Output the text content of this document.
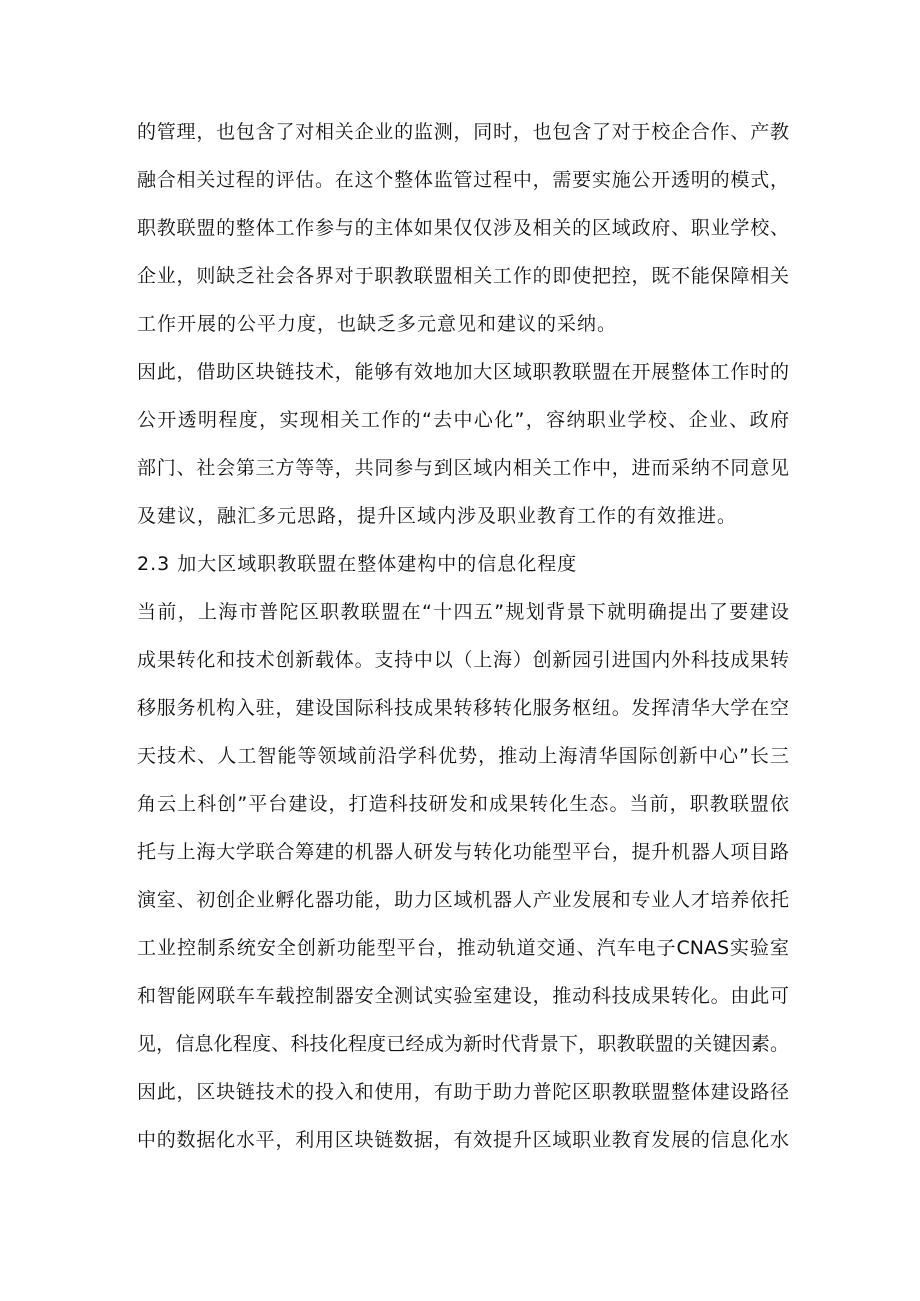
的管理，也包含了对相关企业的监测，同时，也包含了对于校企合作、产教
融合相关过程的评估。在这个整体监管过程中，需要实施公开透明的模式，
职教联盟的整体工作参与的主体如果仅仅涉及相关的区域政府、职业学校、
企业，则缺乏社会各界对于职教联盟相关工作的即使把控，既不能保障相关
工作开展的公平力度，也缺乏多元意见和建议的采纳。
因此，借助区块链技术，能够有效地加大区域职教联盟在开展整体工作时的
公开透明程度，实现相关工作的“去中心化”，容纳职业学校、企业、政府
部门、社会第三方等等，共同参与到区域内相关工作中，进而采纳不同意见
及建议，融汇多元思路，提升区域内涉及职业教育工作的有效推进。
2.3 加大区域职教联盟在整体建构中的信息化程度
当前，上海市普陀区职教联盟在“十四五”规划背景下就明确提出了要建设
成果转化和技术创新载体。支持中以（上海）创新园引进国内外科技成果转
移服务机构入驻，建设国际科技成果转移转化服务枢纽。发挥清华大学在空
天技术、人工智能等领域前沿学科优势，推动上海清华国际创新中心”长三
角云上科创”平台建设，打造科技研发和成果转化生态。当前，职教联盟依
托与上海大学联合筹建的机器人研发与转化功能型平台，提升机器人项目路
演室、初创企业孵化器功能，助力区域机器人产业发展和专业人才培养依托
工业控制系统安全创新功能型平台，推动轨道交通、汽车电子CNAS实验室
和智能网联车车载控制器安全测试实验室建设，推动科技成果转化。由此可
见，信息化程度、科技化程度已经成为新时代背景下，职教联盟的关键因素。
因此，区块链技术的投入和使用，有助于助力普陀区职教联盟整体建设路径
中的数据化水平，利用区块链数据，有效提升区域职业教育发展的信息化水
